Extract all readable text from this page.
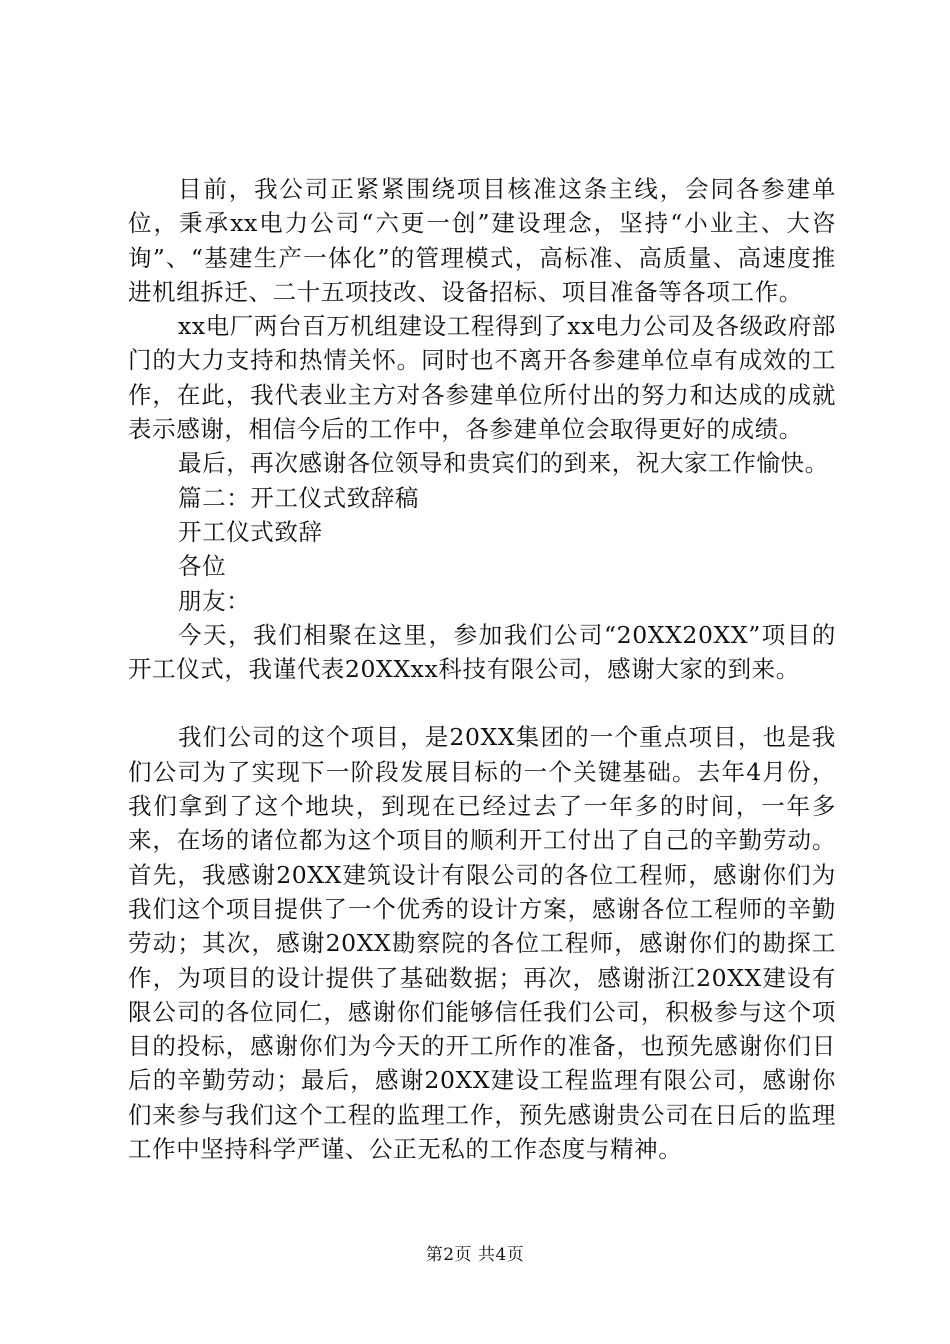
目前，我公司正紧紧围绕项目核准这条主线，会同各参建单位，秉承xx电力公司“六更一创”建设理念，坚持“小业主、大咨询”、“基建生产一体化”的管理模式，高标准、高质量、高速度推进机组拆迁、二十五项技改、设备招标、项目准备等各项工作。

xx电厂两台百万机组建设工程得到了xx电力公司及各级政府部门的大力支持和热情关怀。同时也不离开各参建单位卓有成效的工作，在此，我代表业主方对各参建单位所付出的努力和达成的成就表示感谢，相信今后的工作中，各参建单位会取得更好的成绩。

最后，再次感谢各位领导和贵宾们的到来，祝大家工作愉快。

篇二：开工仪式致辞稿

开工仪式致辞

各位

朋友：

今天，我们相聚在这里，参加我们公司“20XX20XX”项目的开工仪式，我谨代表20XXxx科技有限公司，感谢大家的到来。

我们公司的这个项目，是20XX集团的一个重点项目，也是我们公司为了实现下一阶段发展目标的一个关键基础。去年4月份，我们拿到了这个地块，到现在已经过去了一年多的时间，一年多来，在场的诸位都为这个项目的顺利开工付出了自己的辛勤劳动。首先，我感谢20XX建筑设计有限公司的各位工程师，感谢你们为我们这个项目提供了一个优秀的设计方案，感谢各位工程师的辛勤劳动；其次，感谢20XX勘察院的各位工程师，感谢你们的勘探工作，为项目的设计提供了基础数据；再次，感谢浙江20XX建设有限公司的各位同仁，感谢你们能够信任我们公司，积极参与这个项目的投标，感谢你们为今天的开工所作的准备，也预先感谢你们日后的辛勤劳动；最后，感谢20XX建设工程监理有限公司，感谢你们来参与我们这个工程的监理工作，预先感谢贵公司在日后的监理工作中坚持科学严谨、公正无私的工作态度与精神。

第2页 共4页
